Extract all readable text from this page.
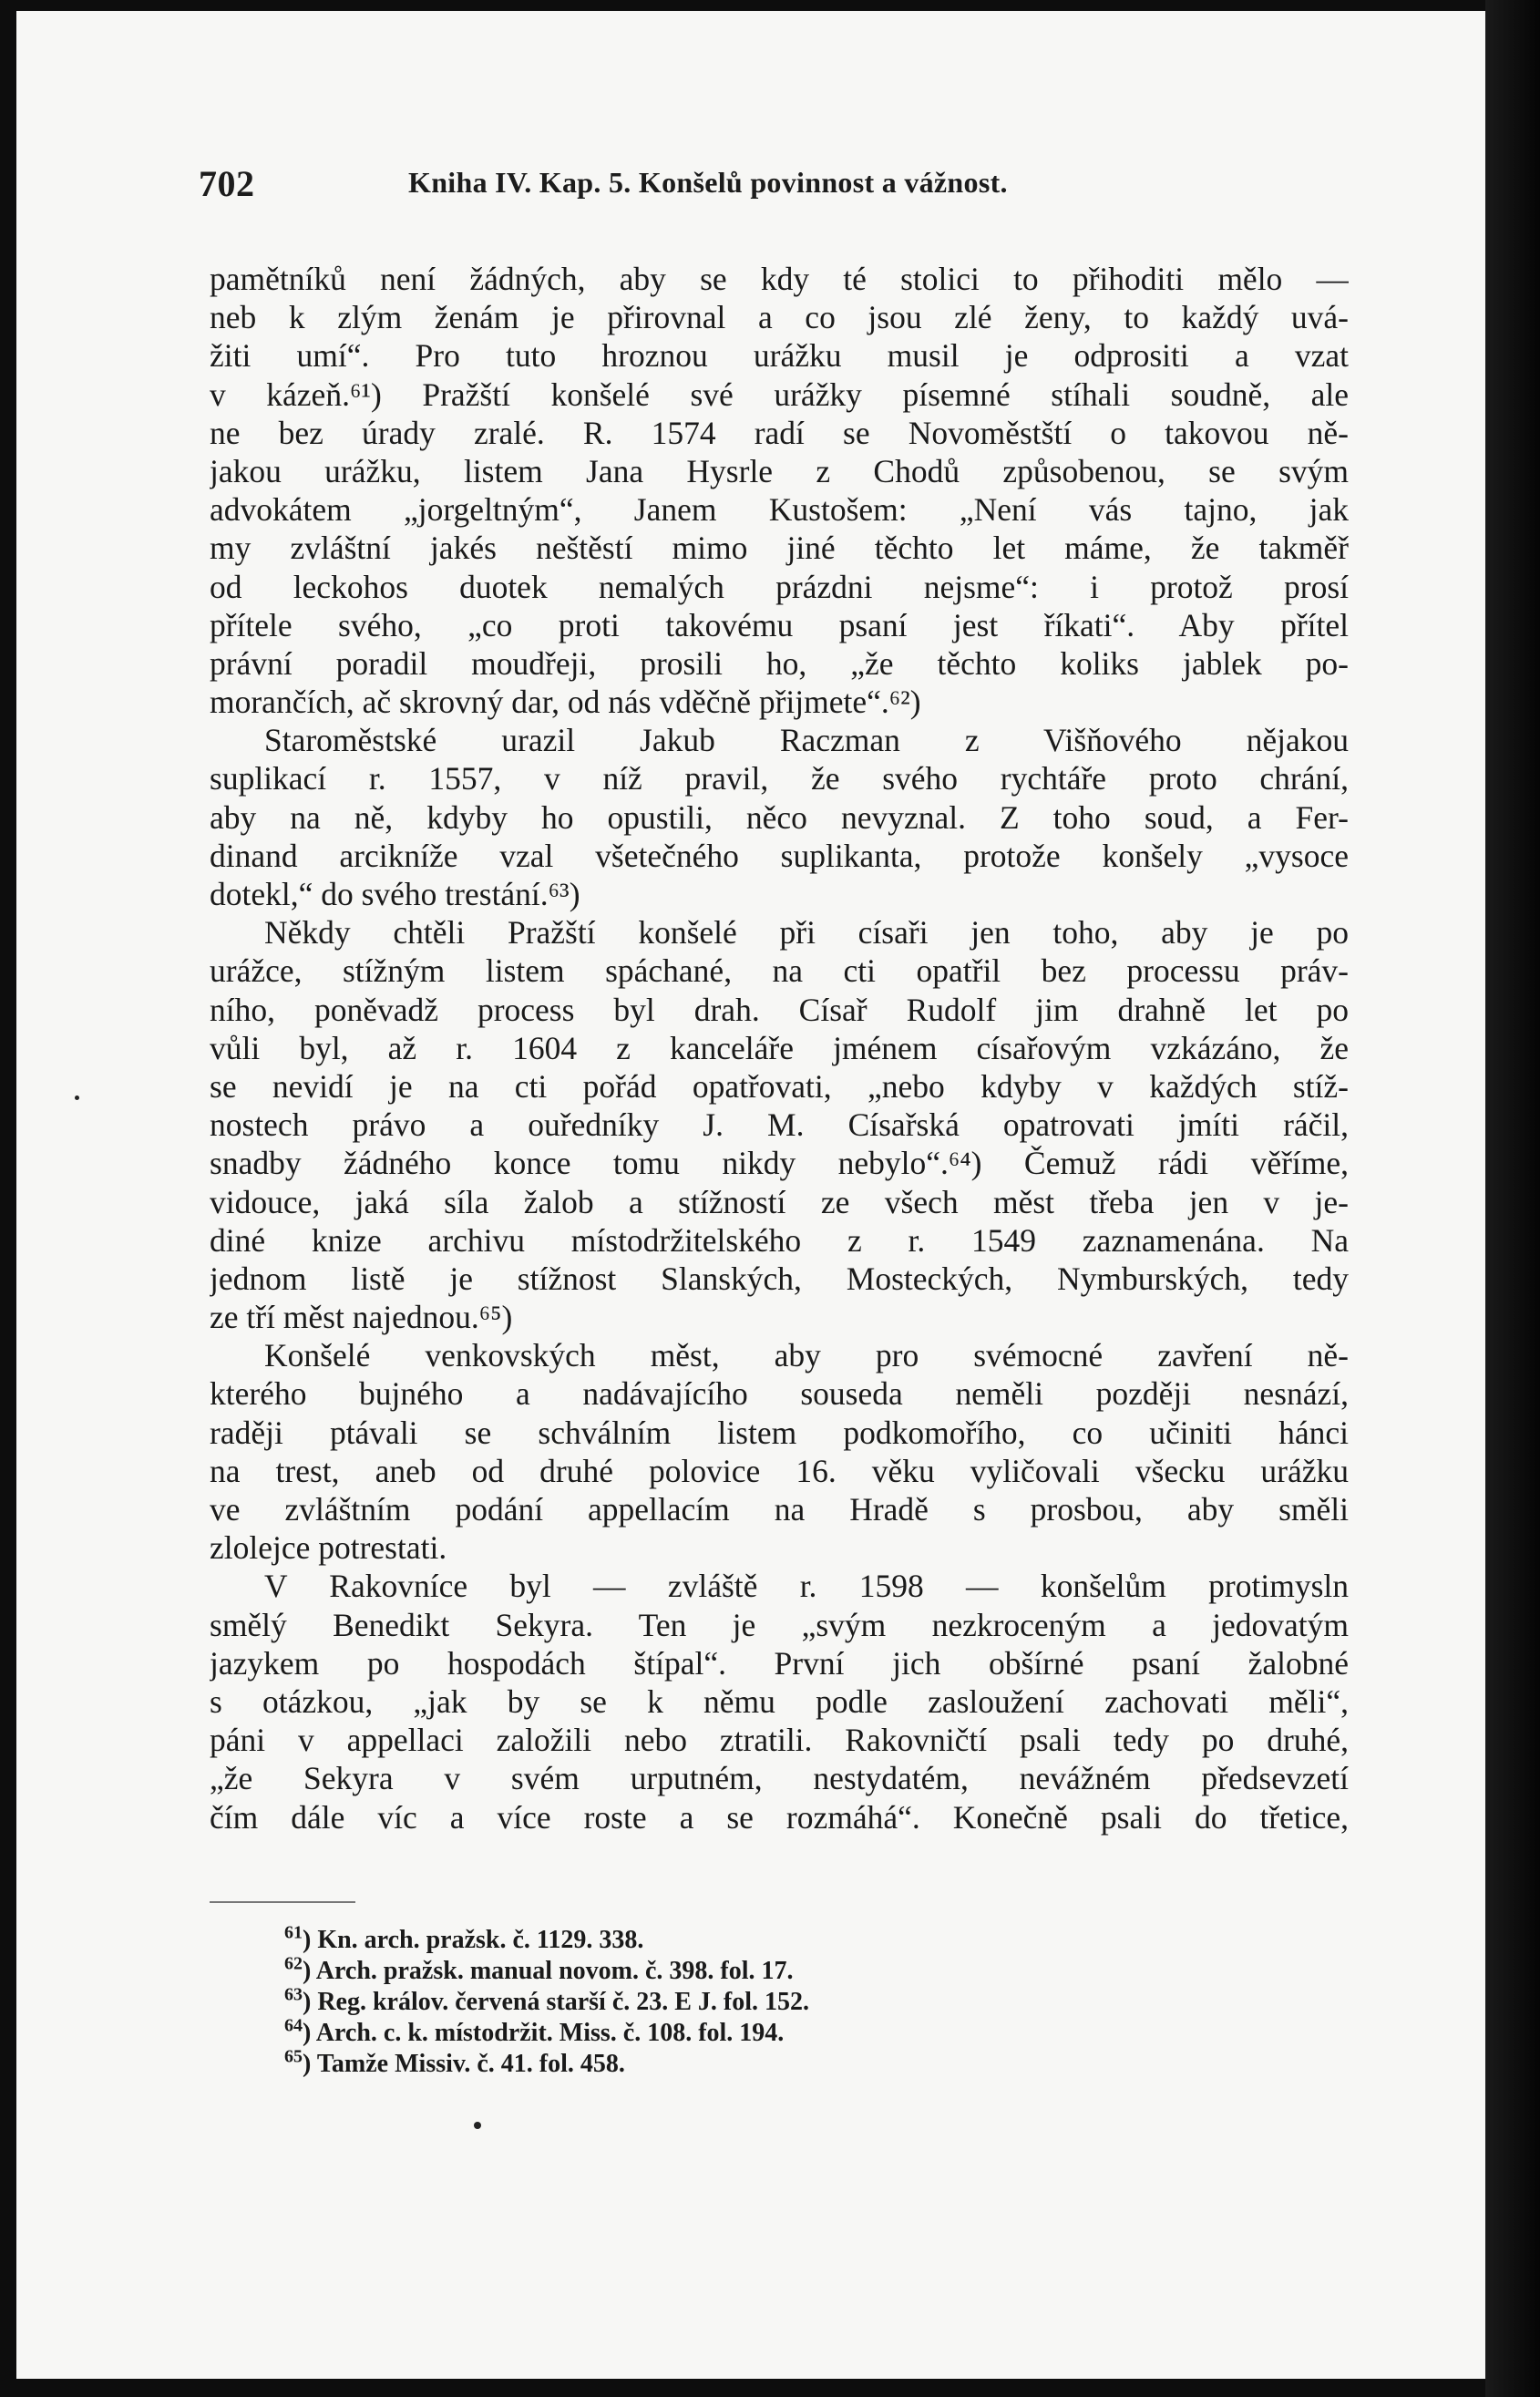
702	Kniha IV. Kap. 5. Konšelů povinnost a vážnost.
pamětníků není žádných, aby se kdy té stolici to přihoditi mělo —
neb k zlým ženám je přirovnal a co jsou zlé ženy, to každý uvá-
žiti umí“. Pro tuto hroznou urážku musil je odprositi a vzat
v kázeň.⁶¹) Pražští konšelé své urážky písemné stíhali soudně, ale
ne bez úrady zralé. R. 1574 radí se Novoměstští o takovou ně-
jakou urážku, listem Jana Hysrle z Chodů způsobenou, se svým
advokátem „jorgeltným“, Janem Kustošem: „Není vás tajno, jak
my zvláštní jakés neštěstí mimo jiné těchto let máme, že takměř
od leckohos duotek nemalých prázdni nejsme“: i protož prosí
přítele svého, „co proti takovému psaní jest říkati“. Aby přítel
právní poradil moudřeji, prosili ho, „že těchto koliks jablek po-
morančích, ač skrovný dar, od nás vděčně přijmete“.⁶²)
Staroměstské urazil Jakub Raczman z Višňového nějakou
suplikací r. 1557, v níž pravil, že svého rychtáře proto chrání,
aby na ně, kdyby ho opustili, něco nevyznal. Z toho soud, a Fer-
dinand arcikníže vzal všetečného suplikanta, protože konšely „vysoce
dotekl,“ do svého trestání.⁶³)
Někdy chtěli Pražští konšelé při císaři jen toho, aby je po
urážce, stížným listem spáchané, na cti opatřil bez processu práv-
ního, poněvadž process byl drah. Císař Rudolf jim drahně let po
vůli byl, až r. 1604 z kanceláře jménem císařovým vzkázáno, že
se nevidí je na cti pořád opatřovati, „nebo kdyby v každých stíž-
nostech právo a ouředníky J. M. Císařská opatrovati jmíti ráčil,
snadby žádného konce tomu nikdy nebylo“.⁶⁴) Čemuž rádi věříme,
vidouce, jaká síla žalob a stížností ze všech měst třeba jen v je-
diné knize archivu místodržitelského z r. 1549 zaznamenána. Na
jednom listě je stížnost Slanských, Mosteckých, Nymburských, tedy
ze tří měst najednou.⁶⁵)
Konšelé venkovských měst, aby pro svémocné zavření ně-
kterého bujného a nadávajícího souseda neměli později nesnází,
raději ptávali se schválním listem podkomořího, co učiniti hánci
na trest, aneb od druhé polovice 16. věku vyličovali všecku urážku
ve zvláštním podání appellacím na Hradě s prosbou, aby směli
zlolejce potrestati.
V Rakovníce byl — zvláště r. 1598 — konšelům protimysln
smělý Benedikt Sekyra. Ten je „svým nezkroceným a jedovatým
jazykem po hospodách štípal“. První jich obšírné psaní žalobné
s otázkou, „jak by se k němu podle zasloužení zachovati měli“,
páni v appellaci založili nebo ztratili. Rakovničtí psali tedy po druhé,
„že Sekyra v svém urputném, nestydatém, nevážném předsevzetí
čím dále víc a více roste a se rozmáhá“. Konečně psali do třetice,
$^{61}$) Kn. arch. pražsk. č. 1129. 338.
$^{62}$) Arch. pražsk. manual novom. č. 398. fol. 17.
$^{63}$) Reg. králov. červená starší č. 23. E J. fol. 152.
$^{64}$) Arch. c. k. místodržit. Miss. č. 108. fol. 194.
$^{65}$) Tamže Missiv. č. 41. fol. 458.
